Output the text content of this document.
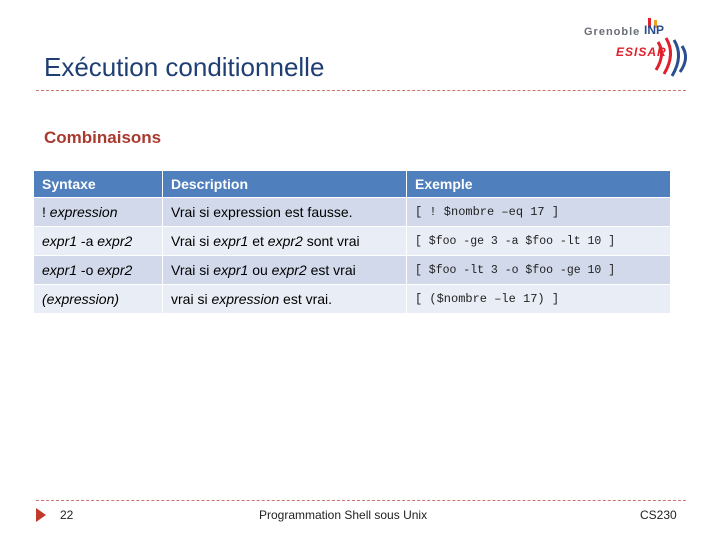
Exécution conditionnelle
Grenoble INP
ESISAR
Combinaisons
Syntaxe	Description	Exemple
! expression	Vrai si expression est fausse.	[ ! $nombre –eq 17 ]
expr1 -a expr2	Vrai si expr1 et expr2 sont vrai	[ $foo -ge 3 -a $foo -lt 10 ]
expr1 -o expr2	Vrai si expr1 ou expr2 est vrai	[ $foo -lt 3 -o $foo -ge 10 ]
(expression)	vrai si expression est vrai.	[ ($nombre –le 17) ]
22	Programmation Shell sous Unix	CS230
